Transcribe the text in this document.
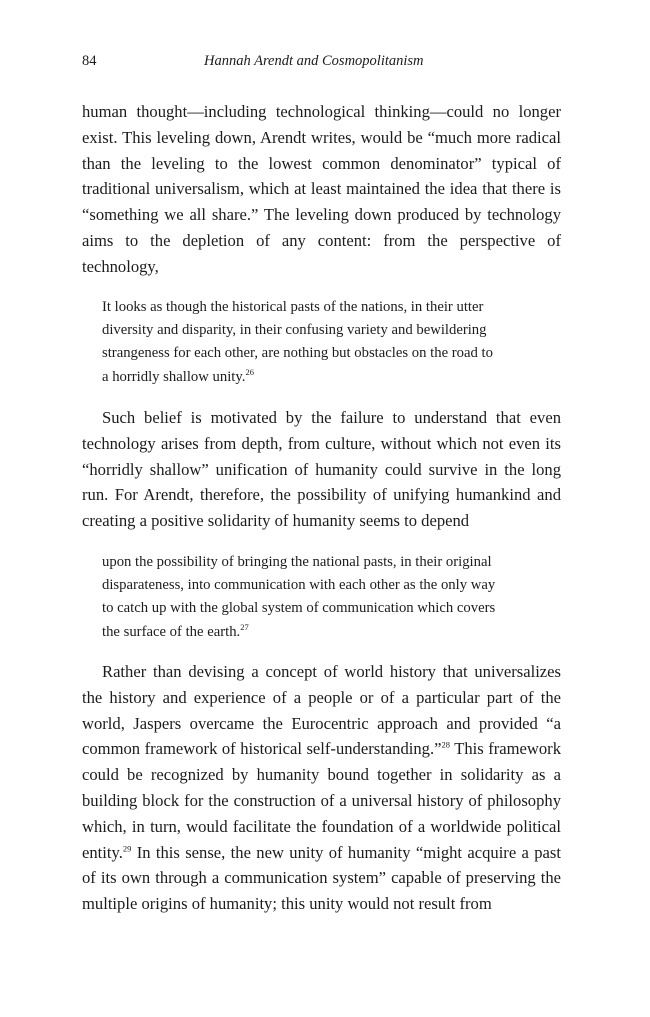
84	Hannah Arendt and Cosmopolitanism

human thought—including technological thinking—could no longer exist. This leveling down, Arendt writes, would be “much more radical than the leveling to the lowest common denominator” typical of traditional universalism, which at least maintained the idea that there is “something we all share.” The leveling down produced by technology aims to the depletion of any content: from the perspective of technology,

It looks as though the historical pasts of the nations, in their utter
diversity and disparity, in their confusing variety and bewildering
strangeness for each other, are nothing but obstacles on the road to
a horridly shallow unity.$^{26}$

Such belief is motivated by the failure to understand that even technology arises from depth, from culture, without which not even its “horridly shallow” unification of humanity could survive in the long run. For Arendt, therefore, the possibility of unifying humankind and creating a positive solidarity of humanity seems to depend

upon the possibility of bringing the national pasts, in their original
disparateness, into communication with each other as the only way
to catch up with the global system of communication which covers
the surface of the earth.$^{27}$

Rather than devising a concept of world history that universalizes the history and experience of a people or of a particular part of the world, Jaspers overcame the Eurocentric approach and provided “a common framework of historical self-understanding.”$^{28}$ This framework could be recognized by humanity bound together in solidarity as a building block for the construction of a universal history of philosophy which, in turn, would facilitate the foundation of a worldwide political entity.$^{29}$ In this sense, the new unity of humanity “might acquire a past of its own through a communication system” capable of preserving the multiple origins of humanity; this unity would not result from
